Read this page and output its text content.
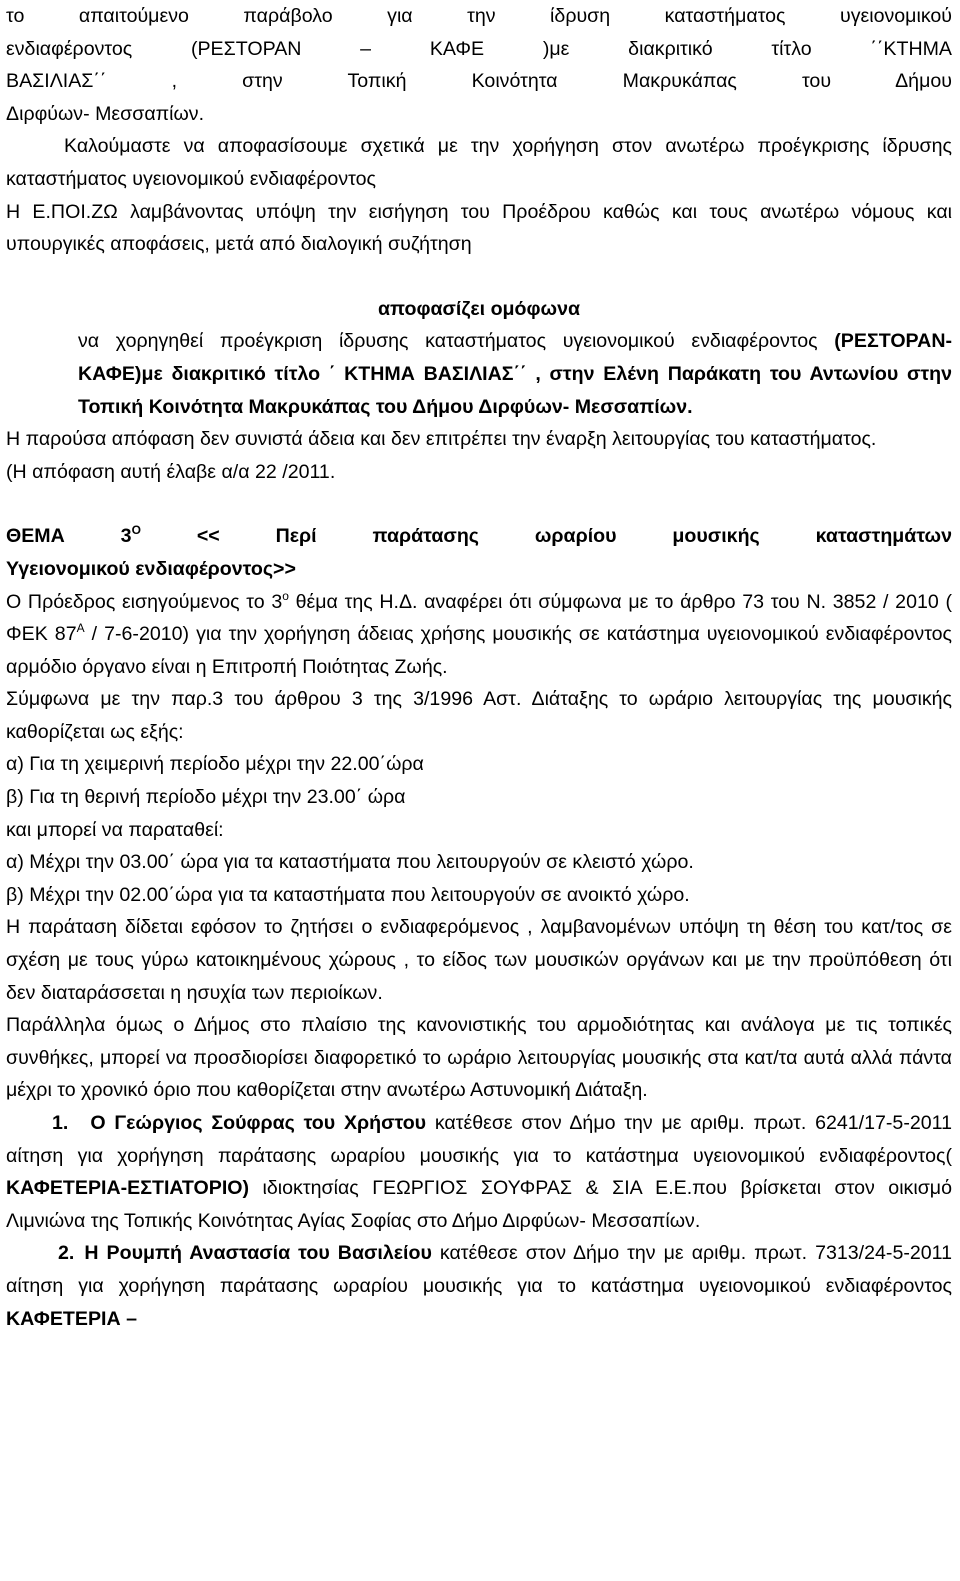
το απαιτούμενο παράβολο για την ίδρυση καταστήματος υγειονομικού

ενδιαφέροντος (ΡΕΣΤΟΡΑΝ – ΚΑΦΕ )με διακριτικό τίτλο ΄΄ΚΤΗΜΑ

ΒΑΣΙΛΙΑΣ΄΄ , στην Τοπική Κοινότητα Μακρυκάπας του Δήμου

Διρφύων- Μεσσαπίων.

Καλούμαστε να αποφασίσουμε σχετικά με την χορήγηση στον ανωτέρω προέγκρισης ίδρυσης καταστήματος υγειονομικού ενδιαφέροντος

Η Ε.ΠΟΙ.ΖΩ λαμβάνοντας υπόψη την εισήγηση του Προέδρου καθώς και τους ανωτέρω νόμους και υπουργικές αποφάσεις, μετά από διαλογική συζήτηση

αποφασίζει ομόφωνα

να χορηγηθεί προέγκριση ίδρυσης καταστήματος υγειονομικού ενδιαφέροντος (ΡΕΣΤΟΡΑΝ- ΚΑΦΕ)με διακριτικό τίτλο ΄ ΚΤΗΜΑ ΒΑΣΙΛΙΑΣ΄΄ , στην Ελένη Παράκατη του Αντωνίου στην Τοπική Κοινότητα Μακρυκάπας του Δήμου Διρφύων- Μεσσαπίων.

Η παρούσα απόφαση δεν συνιστά άδεια και δεν επιτρέπει την έναρξη λειτουργίας του καταστήματος.

(Η απόφαση αυτή έλαβε α/α 22 /2011.

ΘΕΜΑ $3^O << \Pi\varepsilon\rho ί$ παράτασης ωραρίου μουσικής καταστημάτων

Υγειονομικού ενδιαφέροντος>>

Ο Πρόεδρος εισηγούμενος το $3^o$ θέμα της Η.Δ. αναφέρει ότι σύμφωνα με το άρθρο 73 του Ν. 3852 / 2010 ( ΦΕΚ $87^A / 7-6-2010$) για την χορήγηση άδειας χρήσης μουσικής σε κατάστημα υγειονομικού ενδιαφέροντος αρμόδιο όργανο είναι η Επιτροπή Ποιότητας Ζωής.

Σύμφωνα με την παρ.3 του άρθρου 3 της 3/1996 Αστ. Διάταξης το ωράριο λειτουργίας της μουσικής καθορίζεται ως εξής:

α) Για τη χειμερινή περίοδο μέχρι την 22.00΄ώρα

β) Για τη θερινή περίοδο μέχρι την 23.00΄ ώρα

και μπορεί να παραταθεί:

α) Μέχρι την 03.00΄ ώρα για τα καταστήματα που λειτουργούν σε κλειστό χώρο.

β) Μέχρι την 02.00΄ώρα για τα καταστήματα που λειτουργούν σε ανοικτό χώρο.

Η παράταση δίδεται εφόσον το ζητήσει ο ενδιαφερόμενος , λαμβανομένων υπόψη τη θέση του κατ/τος σε σχέση με τους γύρω κατοικημένους χώρους , το είδος των μουσικών οργάνων και με την προϋπόθεση ότι δεν διαταράσσεται η ησυχία των περιοίκων.

Παράλληλα όμως ο Δήμος στο πλαίσιο της κανονιστικής του αρμοδιότητας και ανάλογα με τις τοπικές συνθήκες, μπορεί να προσδιορίσει διαφορετικό το ωράριο λειτουργίας μουσικής στα κατ/τα αυτά αλλά πάντα μέχρι το χρονικό όριο που καθορίζεται στην ανωτέρω Αστυνομική Διάταξη.

1. Ο Γεώργιος Σούφρας του Χρήστου κατέθεσε στον Δήμο την με αριθμ. πρωτ. 6241/17-5-2011 αίτηση για χορήγηση παράτασης ωραρίου μουσικής για το κατάστημα υγειονομικού ενδιαφέροντος( ΚΑΦΕΤΕΡΙΑ-ΕΣΤΙΑΤΟΡΙΟ) ιδιοκτησίας ΓΕΩΡΓΙΟΣ ΣΟΥΦΡΑΣ & ΣΙΑ Ε.Ε.που βρίσκεται στον οικισμό Λιμνιώνα της Τοπικής Κοινότητας Αγίας Σοφίας στο Δήμο Διρφύων- Μεσσαπίων.

2. Η Ρουμπή Αναστασία του Βασιλείου κατέθεσε στον Δήμο την με αριθμ. πρωτ. 7313/24-5-2011 αίτηση για χορήγηση παράτασης ωραρίου μουσικής για το κατάστημα υγειονομικού ενδιαφέροντος ΚΑΦΕΤΕΡΙΑ –
